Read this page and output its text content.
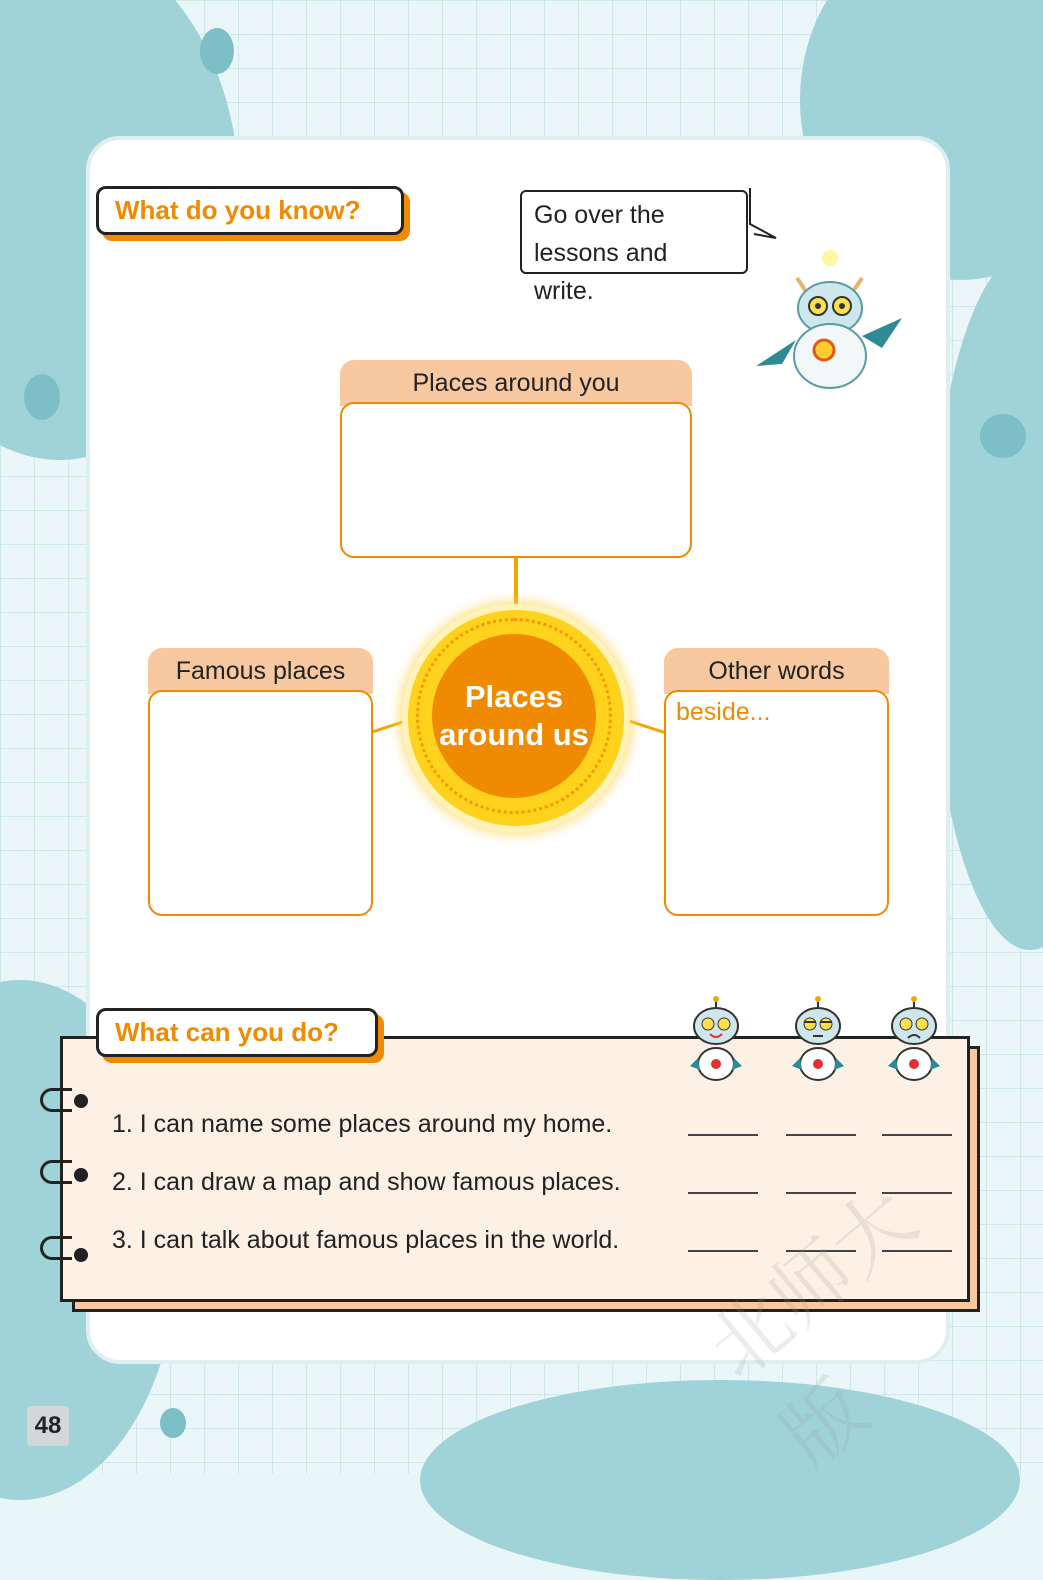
What do you know?	Go over the
lessons and write.
Places around you
Famous places	Other words
beside...
Places
around us
What can you do?
1. I can name some places around my home.
2. I can draw a map and show famous places.
3. I can talk about famous places in the world. 北师大版
48
